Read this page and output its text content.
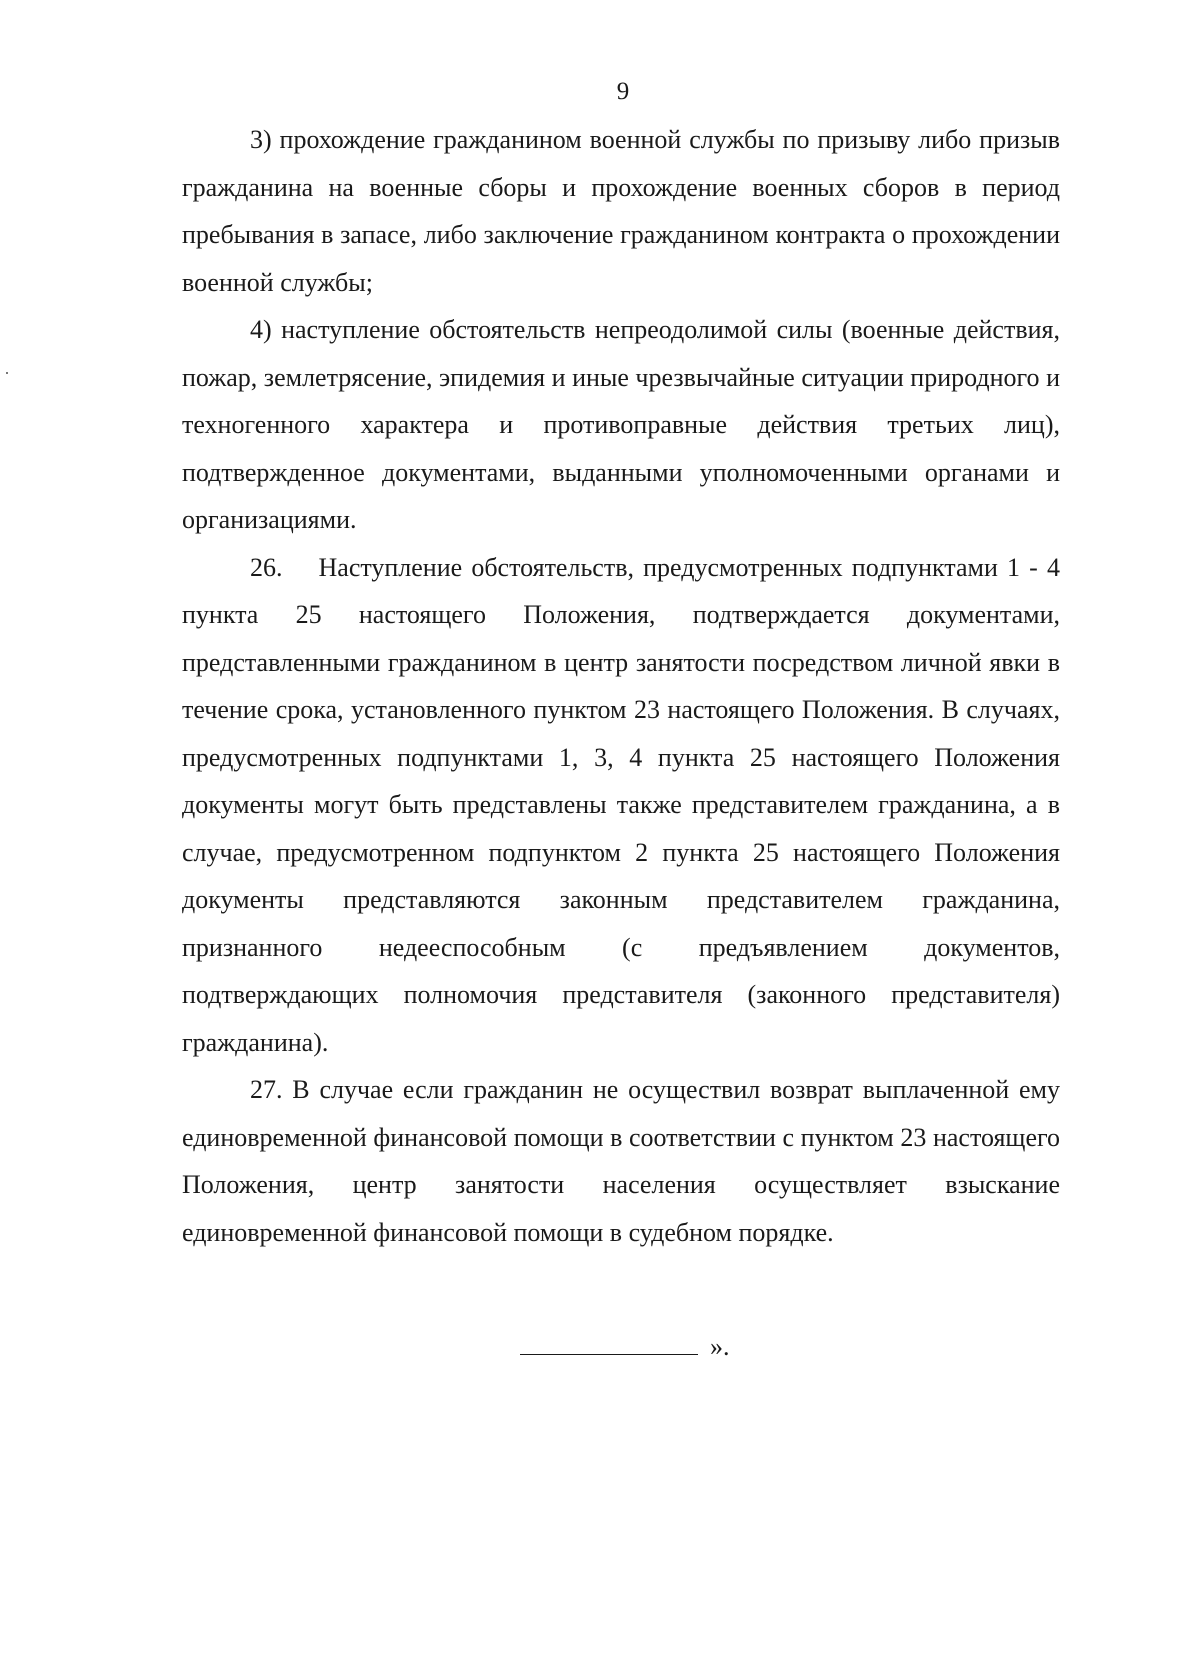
9

3) прохождение гражданином военной службы по призыву либо призыв гражданина на военные сборы и прохождение военных сборов в период пребывания в запасе, либо заключение гражданином контракта о прохождении военной службы;

4) наступление обстоятельств непреодолимой силы (военные действия, пожар, землетрясение, эпидемия и иные чрезвычайные ситуации природного и техногенного характера и противоправные действия третьих лиц), подтвержденное документами, выданными уполномоченными органами и организациями.

26. Наступление обстоятельств, предусмотренных подпунктами 1 - 4 пункта 25 настоящего Положения, подтверждается документами, представленными гражданином в центр занятости посредством личной явки в течение срока, установленного пунктом 23 настоящего Положения. В случаях, предусмотренных подпунктами 1, 3, 4 пункта 25 настоящего Положения документы могут быть представлены также представителем гражданина, а в случае, предусмотренном подпунктом 2 пункта 25 настоящего Положения документы представляются законным представителем гражданина, признанного недееспособным (с предъявлением документов, подтверждающих полномочия представителя (законного представителя) гражданина).

27. В случае если гражданин не осуществил возврат выплаченной ему единовременной финансовой помощи в соответствии с пунктом 23 настоящего Положения, центр занятости населения осуществляет взыскание единовременной финансовой помощи в судебном порядке.

».
